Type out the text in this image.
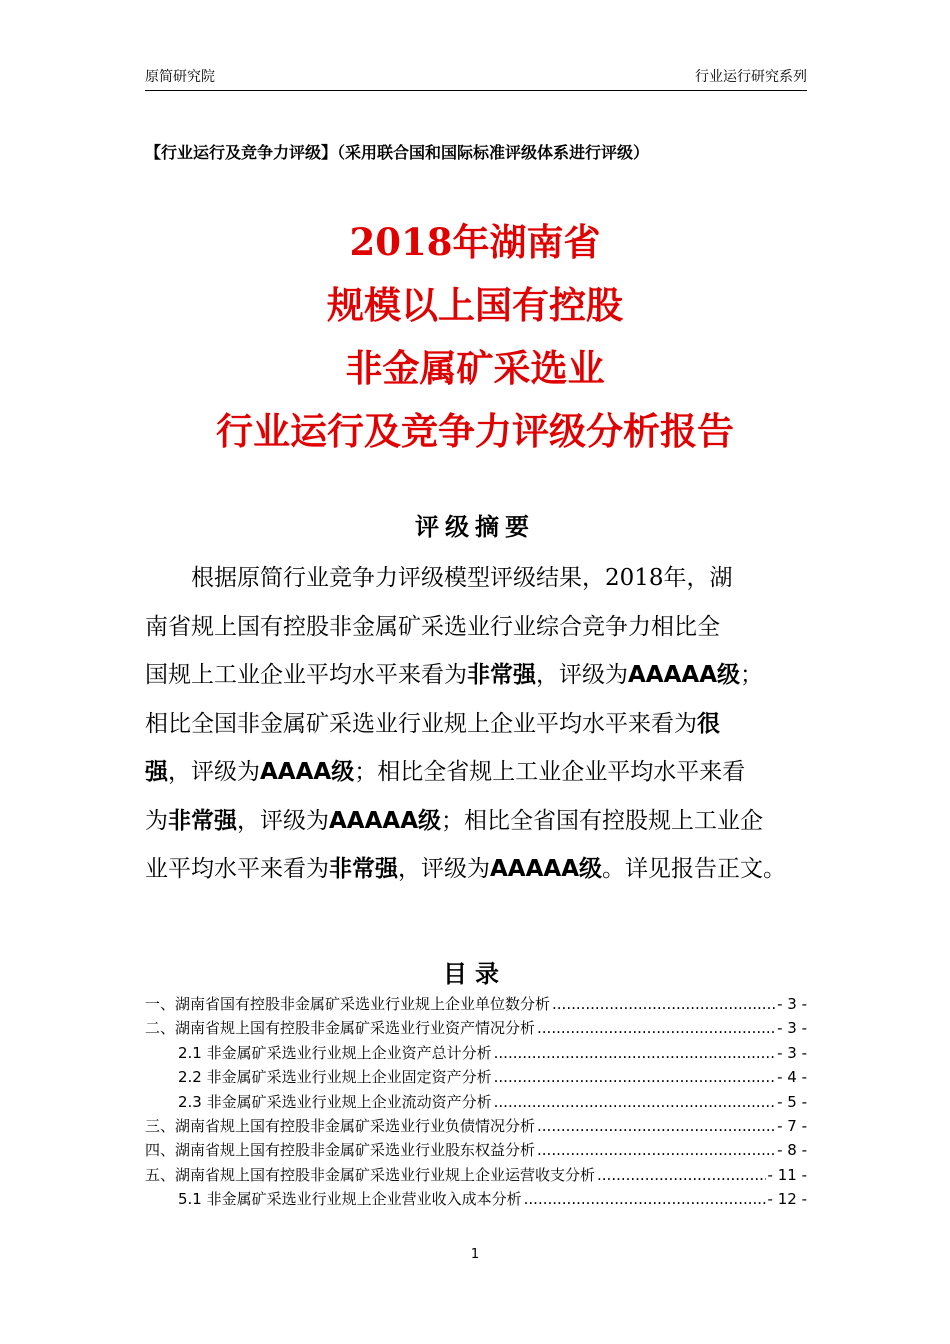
原简研究院	行业运行研究系列
【行业运行及竞争力评级】（采用联合国和国际标准评级体系进行评级）
2018年湖南省
规模以上国有控股
非金属矿采选业
行业运行及竞争力评级分析报告
评级摘要
　　根据原简行业竞争力评级模型评级结果，2018年，湖
南省规上国有控股非金属矿采选业行业综合竞争力相比全
国规上工业企业平均水平来看为非常强，评级为AAAAA级；
相比全国非金属矿采选业行业规上企业平均水平来看为很
强，评级为AAAA级；相比全省规上工业企业平均水平来看
为非常强，评级为AAAAA级；相比全省国有控股规上工业企
业平均水平来看为非常强，评级为AAAAA级。详见报告正文。
目录
一、湖南省国有控股非金属矿采选业行业规上企业单位数分析 .....	- 3 -
二、湖南省规上国有控股非金属矿采选业行业资产情况分析 .....	- 3 -
2.1 非金属矿采选业行业规上企业资产总计分析 .....	- 3 -
2.2 非金属矿采选业行业规上企业固定资产分析 .....	- 4 -
2.3 非金属矿采选业行业规上企业流动资产分析 .....	- 5 -
三、湖南省规上国有控股非金属矿采选业行业负债情况分析 .....	- 7 -
四、湖南省规上国有控股非金属矿采选业行业股东权益分析 .....	- 8 -
五、湖南省规上国有控股非金属矿采选业行业规上企业运营收支分析 .....	- 11 -
5.1 非金属矿采选业行业规上企业营业收入成本分析 .....	- 12 -
1
